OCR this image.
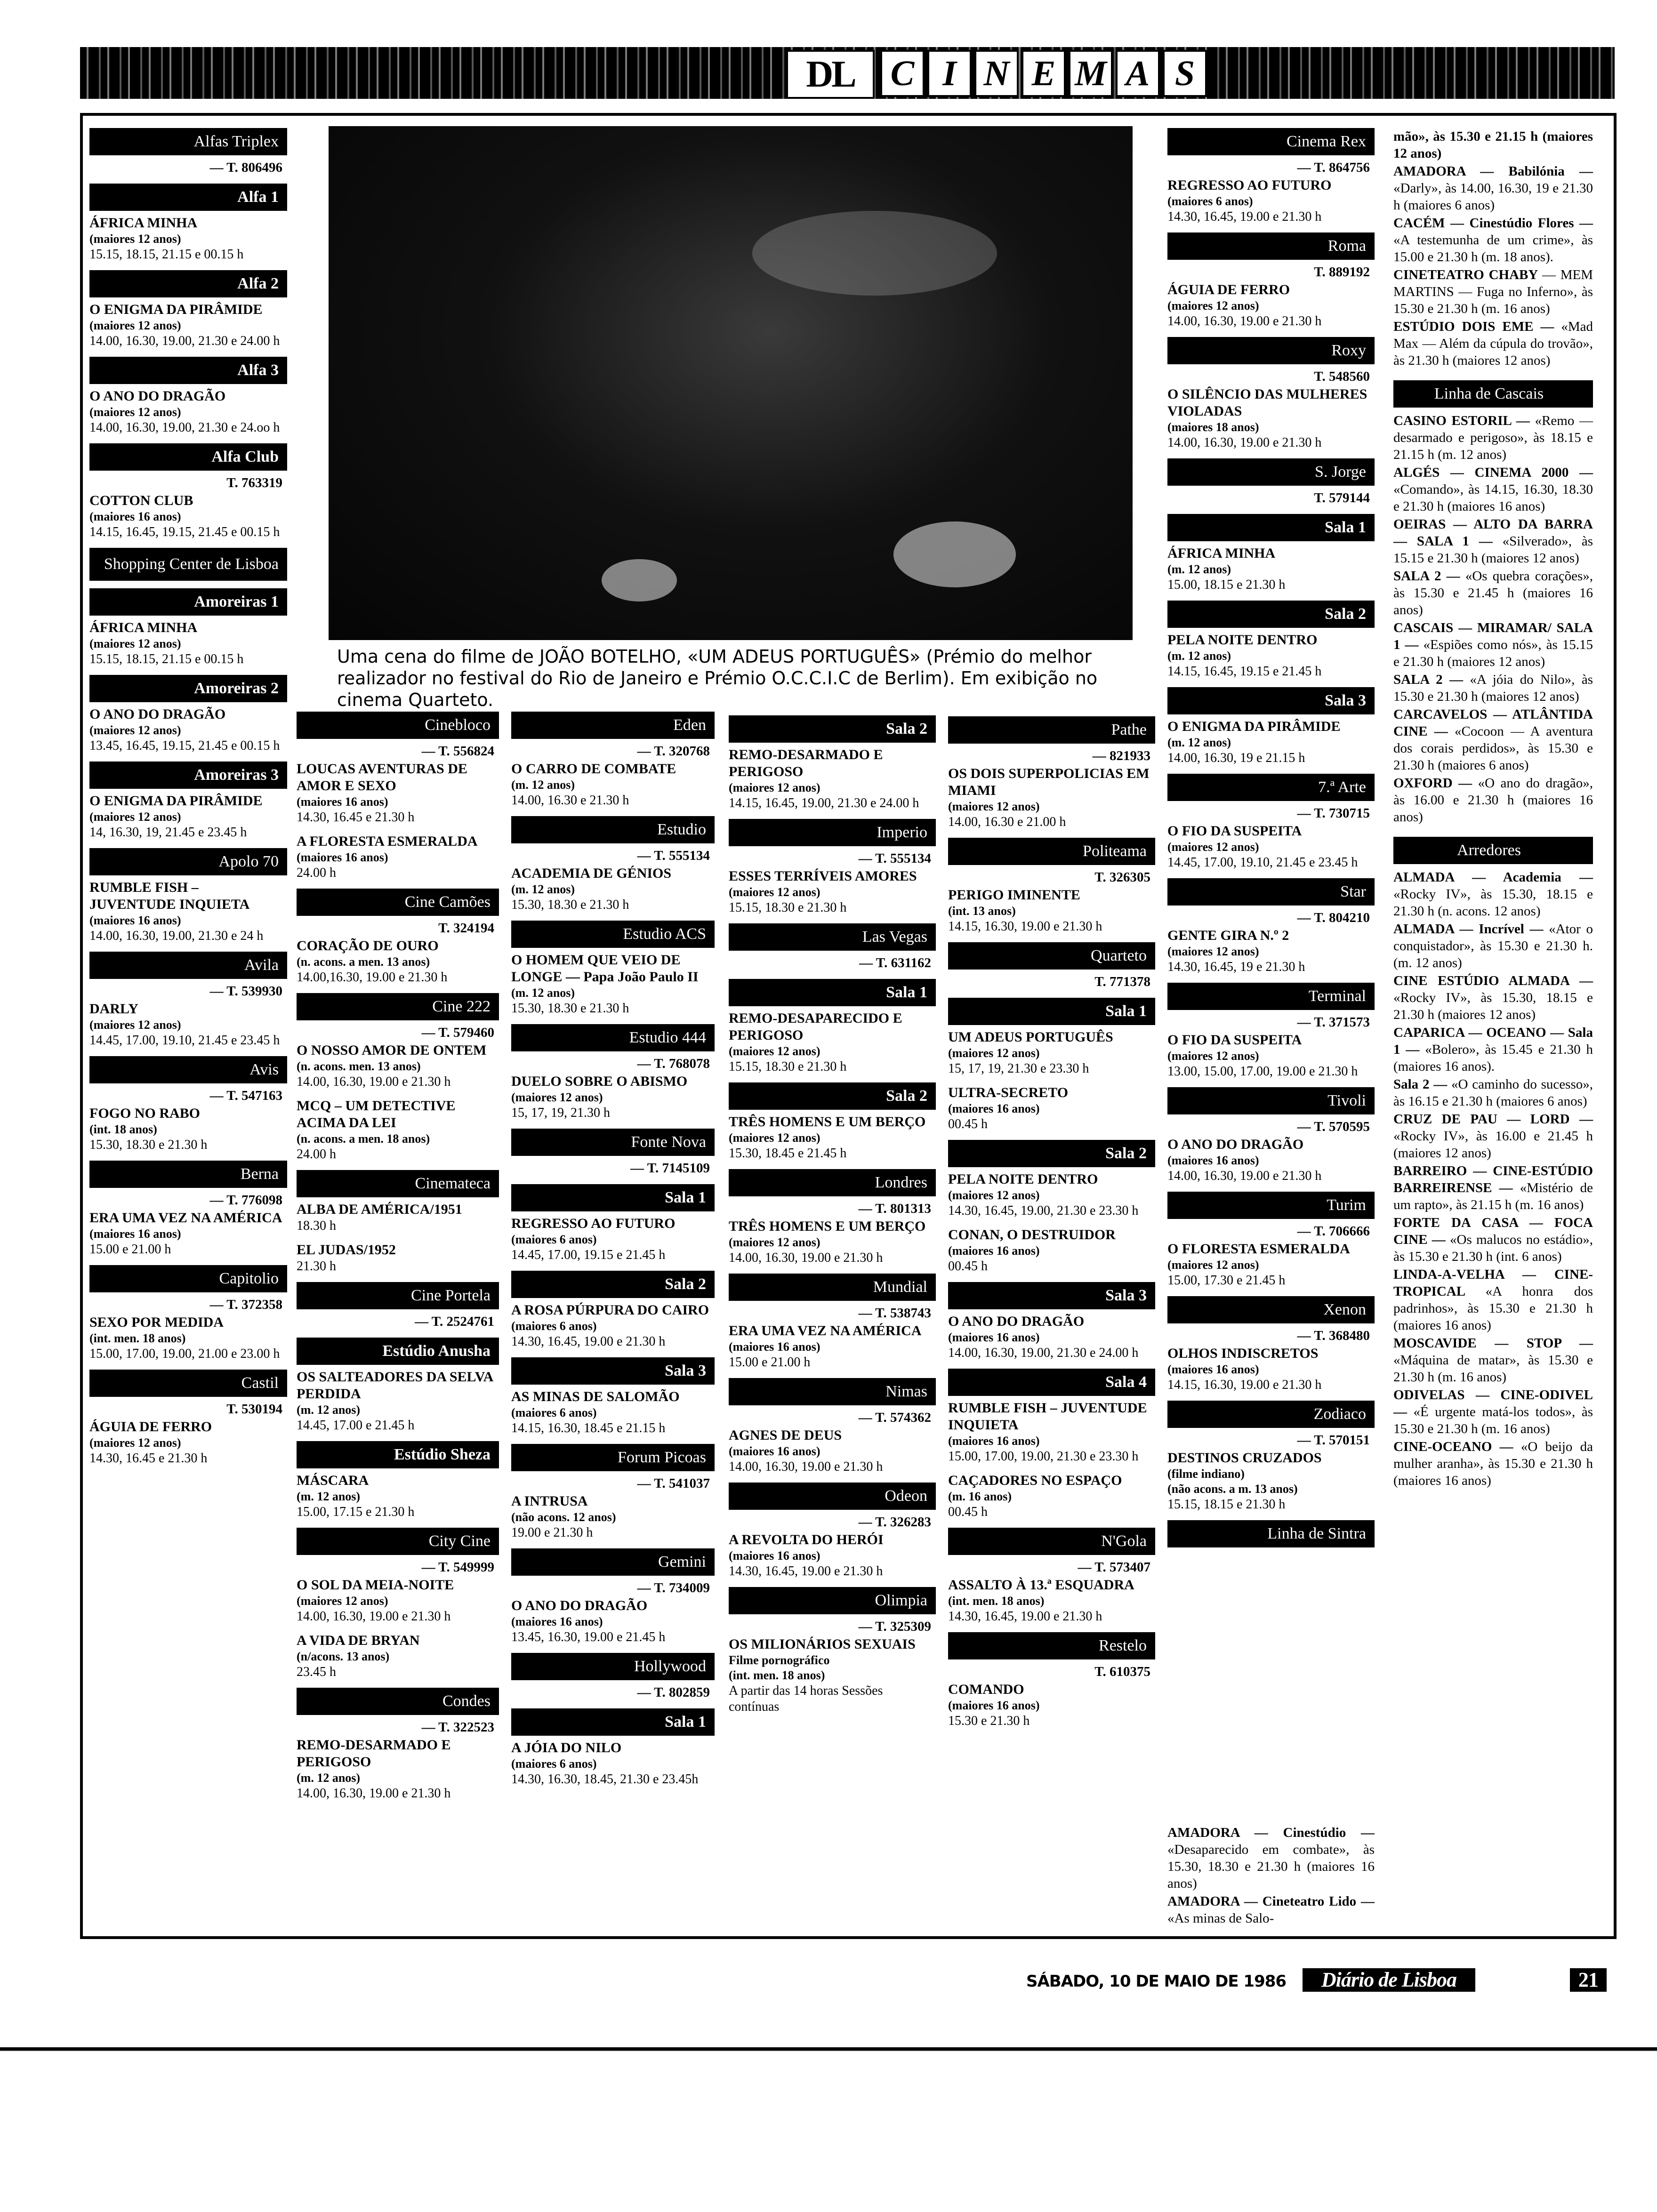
DL	C I N E M A S
Uma cena do filme de JOÃO BOTELHO, «UM ADEUS PORTUGUÊS» (Prémio do melhor realizador no festival do Rio de Janeiro e Prémio O.C.C.I.C de Berlim). Em exibição no cinema Quarteto.
Alfas Triplex
— T. 806496
Alfa 1
ÁFRICA MINHA
(maiores 12 anos)
15.15, 18.15, 21.15 e 00.15 h
Alfa 2
O ENIGMA DA PIRÂMIDE
(maiores 12 anos)
14.00, 16.30, 19.00, 21.30 e 24.00 h
Alfa 3
O ANO DO DRAGÃO
(maiores 12 anos)
14.00, 16.30, 19.00, 21.30 e 24.oo h
Alfa Club
T. 763319
COTTON CLUB
(maiores 16 anos)
14.15, 16.45, 19.15, 21.45 e 00.15 h
Shopping Center de Lisboa
Amoreiras 1
ÁFRICA MINHA
(maiores 12 anos)
15.15, 18.15, 21.15 e 00.15 h
Amoreiras 2
O ANO DO DRAGÃO
(maiores 12 anos)
13.45, 16.45, 19.15, 21.45 e 00.15 h
Amoreiras 3
O ENIGMA DA PIRÂMIDE
(maiores 12 anos)
14, 16.30, 19, 21.45 e 23.45 h
Apolo 70
RUMBLE FISH – JUVENTUDE INQUIETA
(maiores 16 anos)
14.00, 16.30, 19.00, 21.30 e 24 h
Avila
— T. 539930
DARLY
(maiores 12 anos)
14.45, 17.00, 19.10, 21.45 e 23.45 h
Avis
— T. 547163
FOGO NO RABO
(int. 18 anos)
15.30, 18.30 e 21.30 h
Berna
— T. 776098
ERA UMA VEZ NA AMÉRICA
(maiores 16 anos)
15.00 e 21.00 h
Capitolio
— T. 372358
SEXO POR MEDIDA
(int. men. 18 anos)
15.00, 17.00, 19.00, 21.00 e 23.00 h
Castil
T. 530194
ÁGUIA DE FERRO
(maiores 12 anos)
14.30, 16.45 e 21.30 h
Cinebloco
— T. 556824
LOUCAS AVENTURAS DE AMOR E SEXO
(maiores 16 anos)
14.30, 16.45 e 21.30 h
A FLORESTA ESMERALDA
(maiores 16 anos)
24.00 h
Cine Camões
T. 324194
CORAÇÃO DE OURO
(n. acons. a men. 13 anos)
14.00,16.30, 19.00 e 21.30 h
Cine 222
— T. 579460
O NOSSO AMOR DE ONTEM
(n. acons. men. 13 anos)
14.00, 16.30, 19.00 e 21.30 h
MCQ – UM DETECTIVE ACIMA DA LEI
(n. acons. a men. 18 anos)
24.00 h
Cinemateca
ALBA DE AMÉRICA/1951
18.30 h
EL JUDAS/1952
21.30 h
Cine Portela
— T. 2524761
Estúdio Anusha
OS SALTEADORES DA SELVA PERDIDA
(m. 12 anos)
14.45, 17.00 e 21.45 h
Estúdio Sheza
MÁSCARA
(m. 12 anos)
15.00, 17.15 e 21.30 h
City Cine
— T. 549999
O SOL DA MEIA-NOITE
(maiores 12 anos)
14.00, 16.30, 19.00 e 21.30 h
A VIDA DE BRYAN
(n/acons. 13 anos)
23.45 h
Condes
— T. 322523
REMO-DESARMADO E PERIGOSO
(m. 12 anos)
14.00, 16.30, 19.00 e 21.30 h
Eden
— T. 320768
O CARRO DE COMBATE
(m. 12 anos)
14.00, 16.30 e 21.30 h
Estudio
— T. 555134
ACADEMIA DE GÉNIOS
(m. 12 anos)
15.30, 18.30 e 21.30 h
Estudio ACS
O HOMEM QUE VEIO DE LONGE — Papa João Paulo II
(m. 12 anos)
15.30, 18.30 e 21.30 h
Estudio 444
— T. 768078
DUELO SOBRE O ABISMO
(maiores 12 anos)
15, 17, 19, 21.30 h
Fonte Nova
— T. 7145109
Sala 1
REGRESSO AO FUTURO
(maiores 6 anos)
14.45, 17.00, 19.15 e 21.45 h
Sala 2
A ROSA PÚRPURA DO CAIRO
(maiores 6 anos)
14.30, 16.45, 19.00 e 21.30 h
Sala 3
AS MINAS DE SALOMÃO
(maiores 6 anos)
14.15, 16.30, 18.45 e 21.15 h
Forum Picoas
— T. 541037
A INTRUSA
(não acons. 12 anos)
19.00 e 21.30 h
Gemini
— T. 734009
O ANO DO DRAGÃO
(maiores 16 anos)
13.45, 16.30, 19.00 e 21.45 h
Hollywood
— T. 802859
Sala 1
A JÓIA DO NILO
(maiores 6 anos)
14.30, 16.30, 18.45, 21.30 e 23.45h
Sala 2
REMO-DESARMADO E PERIGOSO
(maiores 12 anos)
14.15, 16.45, 19.00, 21.30 e 24.00 h
Imperio
— T. 555134
ESSES TERRÍVEIS AMORES
(maiores 12 anos)
15.15, 18.30 e 21.30 h
Las Vegas
— T. 631162
Sala 1
REMO-DESAPARECIDO E PERIGOSO
(maiores 12 anos)
15.15, 18.30 e 21.30 h
Sala 2
TRÊS HOMENS E UM BERÇO
(maiores 12 anos)
15.30, 18.45 e 21.45 h
Londres
— T. 801313
TRÊS HOMENS E UM BERÇO
(maiores 12 anos)
14.00, 16.30, 19.00 e 21.30 h
Mundial
— T. 538743
ERA UMA VEZ NA AMÉRICA
(maiores 16 anos)
15.00 e 21.00 h
Nimas
— T. 574362
AGNES DE DEUS
(maiores 16 anos)
14.00, 16.30, 19.00 e 21.30 h
Odeon
— T. 326283
A REVOLTA DO HERÓI
(maiores 16 anos)
14.30, 16.45, 19.00 e 21.30 h
Olimpia
— T. 325309
OS MILIONÁRIOS SEXUAIS
Filme pornográfico
(int. men. 18 anos)
A partir das 14 horas Sessões contínuas
Pathe
— 821933
OS DOIS SUPERPOLICIAS EM MIAMI
(maiores 12 anos)
14.00, 16.30 e 21.00 h
Politeama
T. 326305
PERIGO IMINENTE
(int. 13 anos)
14.15, 16.30, 19.00 e 21.30 h
Quarteto
T. 771378
Sala 1
UM ADEUS PORTUGUÊS
(maiores 12 anos)
15, 17, 19, 21.30 e 23.30 h
ULTRA-SECRETO
(maiores 16 anos)
00.45 h
Sala 2
PELA NOITE DENTRO
(maiores 12 anos)
14.30, 16.45, 19.00, 21.30 e 23.30 h
CONAN, O DESTRUIDOR
(maiores 16 anos)
00.45 h
Sala 3
O ANO DO DRAGÃO
(maiores 16 anos)
14.00, 16.30, 19.00, 21.30 e 24.00 h
Sala 4
RUMBLE FISH – JUVENTUDE INQUIETA
(maiores 16 anos)
15.00, 17.00, 19.00, 21.30 e 23.30 h
CAÇADORES NO ESPAÇO
(m. 16 anos)
00.45 h
N'Gola
— T. 573407
ASSALTO À 13.ª ESQUADRA
(int. men. 18 anos)
14.30, 16.45, 19.00 e 21.30 h
Restelo
T. 610375
COMANDO
(maiores 16 anos)
15.30 e 21.30 h
Cinema Rex
— T. 864756
REGRESSO AO FUTURO
(maiores 6 anos)
14.30, 16.45, 19.00 e 21.30 h
Roma
T. 889192
ÁGUIA DE FERRO
(maiores 12 anos)
14.00, 16.30, 19.00 e 21.30 h
Roxy
T. 548560
O SILÊNCIO DAS MULHERES VIOLADAS
(maiores 18 anos)
14.00, 16.30, 19.00 e 21.30 h
S. Jorge
T. 579144
Sala 1
ÁFRICA MINHA
(m. 12 anos)
15.00, 18.15 e 21.30 h
Sala 2
PELA NOITE DENTRO
(m. 12 anos)
14.15, 16.45, 19.15 e 21.45 h
Sala 3
O ENIGMA DA PIRÂMIDE
(m. 12 anos)
14.00, 16.30, 19 e 21.15 h
7.ª Arte
— T. 730715
O FIO DA SUSPEITA
(maiores 12 anos)
14.45, 17.00, 19.10, 21.45 e 23.45 h
Star
— T. 804210
GENTE GIRA N.º 2
(maiores 12 anos)
14.30, 16.45, 19 e 21.30 h
Terminal
— T. 371573
O FIO DA SUSPEITA
(maiores 12 anos)
13.00, 15.00, 17.00, 19.00 e 21.30 h
Tivoli
— T. 570595
O ANO DO DRAGÃO
(maiores 16 anos)
14.00, 16.30, 19.00 e 21.30 h
Turim
— T. 706666
O FLORESTA ESMERALDA
(maiores 12 anos)
15.00, 17.30 e 21.45 h
Xenon
— T. 368480
OLHOS INDISCRETOS
(maiores 16 anos)
14.15, 16.30, 19.00 e 21.30 h
Zodiaco
— T. 570151
DESTINOS CRUZADOS
(filme indiano)
(não acons. a m. 13 anos)
15.15, 18.15 e 21.30 h
Linha de Sintra
AMADORA — Cinestúdio — «Desaparecido em combate», às 15.30, 18.30 e 21.30 h (maiores 16 anos)
AMADORA — Cineteatro Lido — «As minas de Salo-
mão», às 15.30 e 21.15 h (maiores 12 anos)
AMADORA — Babilónia — «Darly», às 14.00, 16.30, 19 e 21.30 h (maiores 6 anos)
CACÉM — Cinestúdio Flores — «A testemunha de um crime», às 15.00 e 21.30 h (m. 18 anos).
CINETEATRO CHABY — MEM MARTINS — Fuga no Inferno», às 15.30 e 21.30 h (m. 16 anos)
ESTÚDIO DOIS EME — «Mad Max — Além da cúpula do trovão», às 21.30 h (maiores 12 anos)
Linha de Cascais
CASINO ESTORIL — «Remo — desarmado e perigoso», às 18.15 e 21.15 h (m. 12 anos)
ALGÉS — CINEMA 2000 — «Comando», às 14.15, 16.30, 18.30 e 21.30 h (maiores 16 anos)
OEIRAS — ALTO DA BARRA — SALA 1 — «Silverado», às 15.15 e 21.30 h (maiores 12 anos)
SALA 2 — «Os quebra corações», às 15.30 e 21.45 h (maiores 16 anos)
CASCAIS — MIRAMAR/ SALA 1 — «Espiões como nós», às 15.15 e 21.30 h (maiores 12 anos)
SALA 2 — «A jóia do Nilo», às 15.30 e 21.30 h (maiores 12 anos)
CARCAVELOS — ATLÂNTIDA CINE — «Cocoon — A aventura dos corais perdidos», às 15.30 e 21.30 h (maiores 6 anos)
OXFORD — «O ano do dragão», às 16.00 e 21.30 h (maiores 16 anos)
Arredores
ALMADA — Academia — «Rocky IV», às 15.30, 18.15 e 21.30 h (n. acons. 12 anos)
ALMADA — Incrível — «Ator o conquistador», às 15.30 e 21.30 h. (m. 12 anos)
CINE ESTÚDIO ALMADA — «Rocky IV», às 15.30, 18.15 e 21.30 h (maiores 12 anos)
CAPARICA — OCEANO — Sala 1 — «Bolero», às 15.45 e 21.30 h (maiores 16 anos).
Sala 2 — «O caminho do sucesso», às 16.15 e 21.30 h (maiores 6 anos)
CRUZ DE PAU — LORD — «Rocky IV», às 16.00 e 21.45 h (maiores 12 anos)
BARREIRO — CINE-ESTÚDIO BARREIRENSE — «Mistério de um rapto», às 21.15 h (m. 16 anos)
FORTE DA CASA — FOCA CINE — «Os malucos no estádio», às 15.30 e 21.30 h (int. 6 anos)
LINDA-A-VELHA — CINE-TROPICAL «A honra dos padrinhos», às 15.30 e 21.30 h (maiores 16 anos)
MOSCAVIDE — STOP — «Máquina de matar», às 15.30 e 21.30 h (m. 16 anos)
ODIVELAS — CINE-ODIVEL — «É urgente matá-los todos», às 15.30 e 21.30 h (m. 16 anos)
CINE-OCEANO — «O beijo da mulher aranha», às 15.30 e 21.30 h (maiores 16 anos)
SÁBADO, 10 DE MAIO DE 1986 Diário de Lisboa	21
